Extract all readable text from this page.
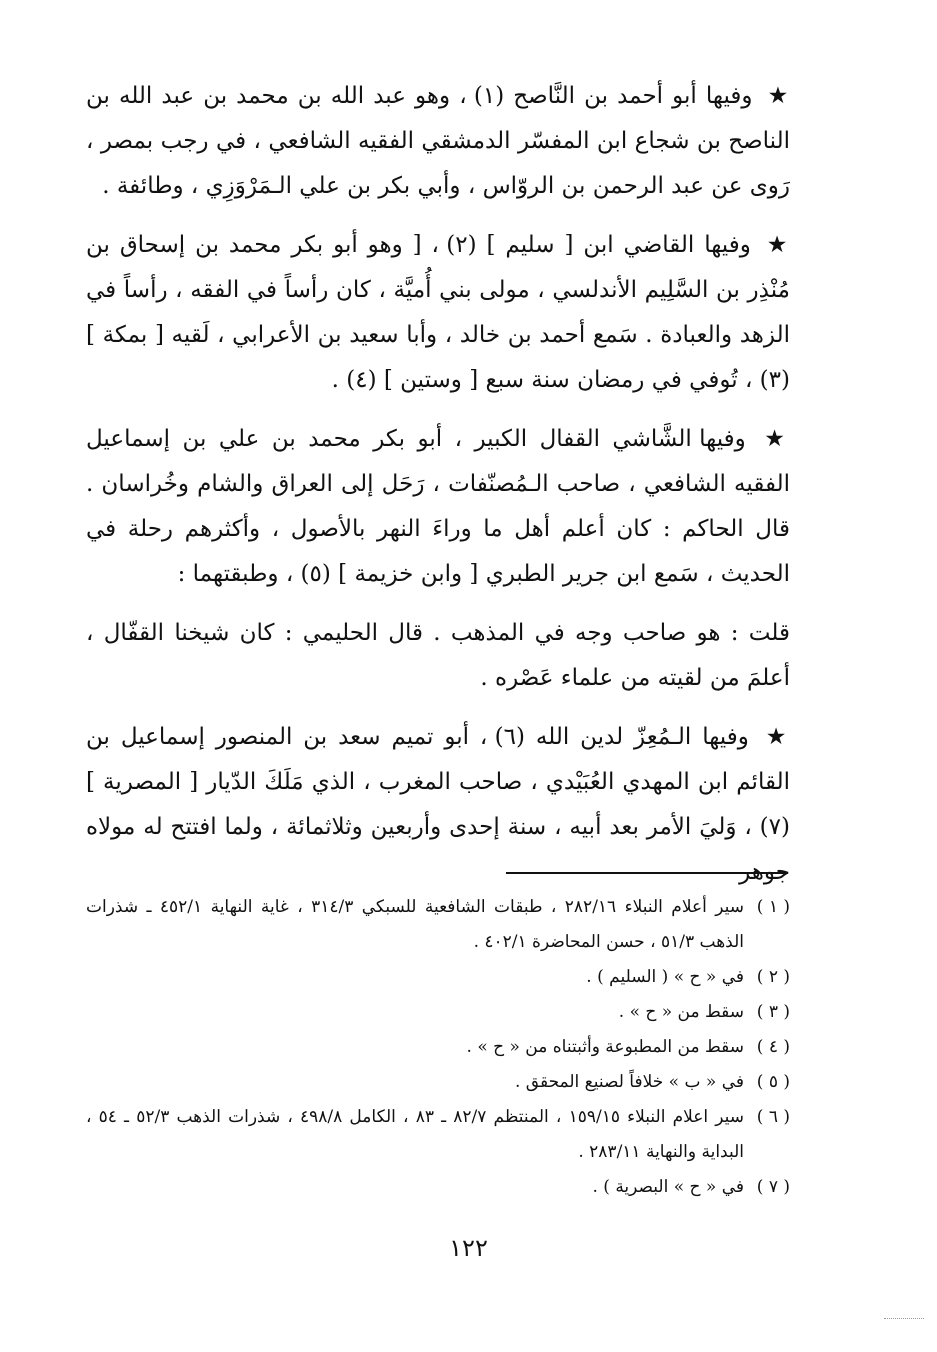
★ وفيها أبو أحمد بن النَّاصح (١) ، وهو عبد الله بن محمد بن عبد الله بن الناصح بن شجاع ابن المفسّر الدمشقي الفقيه الشافعي ، في رجب بمصر ، رَوى عن عبد الرحمن بن الروّاس ، وأبي بكر بن علي الـمَرْوَزِي ، وطائفة .

★ وفيها القاضي ابن [ سليم ] (٢) ، [ وهو أبو بكر محمد بن إسحاق بن مُنْذِر بن السَّلِيم الأندلسي ، مولى بني أُميَّة ، كان رأساً في الفقه ، رأساً في الزهد والعبادة . سَمع أحمد بن خالد ، وأبا سعيد بن الأعرابي ، لَقيه [ بمكة ] (٣) ، تُوفي في رمضان سنة سبع [ وستين ] (٤) .

★ وفيها الشَّاشي القفال الكبير ، أبو بكر محمد بن علي بن إسماعيل الفقيه الشافعي ، صاحب الـمُصنّفات ، رَحَل إلى العراق والشام وخُراسان . قال الحاكم : كان أعلم أهل ما وراءَ النهر بالأصول ، وأكثرهم رحلة في الحديث ، سَمع ابن جرير الطبري [ وابن خزيمة ] (٥) ، وطبقتهما :

قلت : هو صاحب وجه في المذهب . قال الحليمي : كان شيخنا القفّال ، أعلمَ من لقيته من علماء عَصْره .

★ وفيها الـمُعِزّ لدين الله (٦) ، أبو تميم سعد بن المنصور إسماعيل بن القائم ابن المهدي العُبَيْدي ، صاحب المغرب ، الذي مَلَكَ الدّيار [ المصرية ] (٧) ، وَليَ الأمر بعد أبيه ، سنة إحدى وأربعين وثلاثمائة ، ولما افتتح له مولاه جوهر

( ١ )
سير أعلام النبلاء ٢٨٢/١٦ ، طبقات الشافعية للسبكي ٣١٤/٣ ، غاية النهاية ٤٥٢/١ ـ شذرات الذهب ٥١/٣ ، حسن المحاضرة ٤٠٢/١ .
( ٢ )
في « ح » ( السليم ) .
( ٣ )
سقط من « ح » .
( ٤ )
سقط من المطبوعة وأثبتناه من « ح » .
( ٥ )
في « ب » خلافاً لصنيع المحقق .
( ٦ )
سير اعلام النبلاء ١٥٩/١٥ ، المنتظم ٨٢/٧ ـ ٨٣ ، الكامل ٤٩٨/٨ ، شذرات الذهب ٥٢/٣ ـ ٥٤ ، البداية والنهاية ٢٨٣/١١ .
( ٧ )
في « ح » البصرية ) .
١٢٢
